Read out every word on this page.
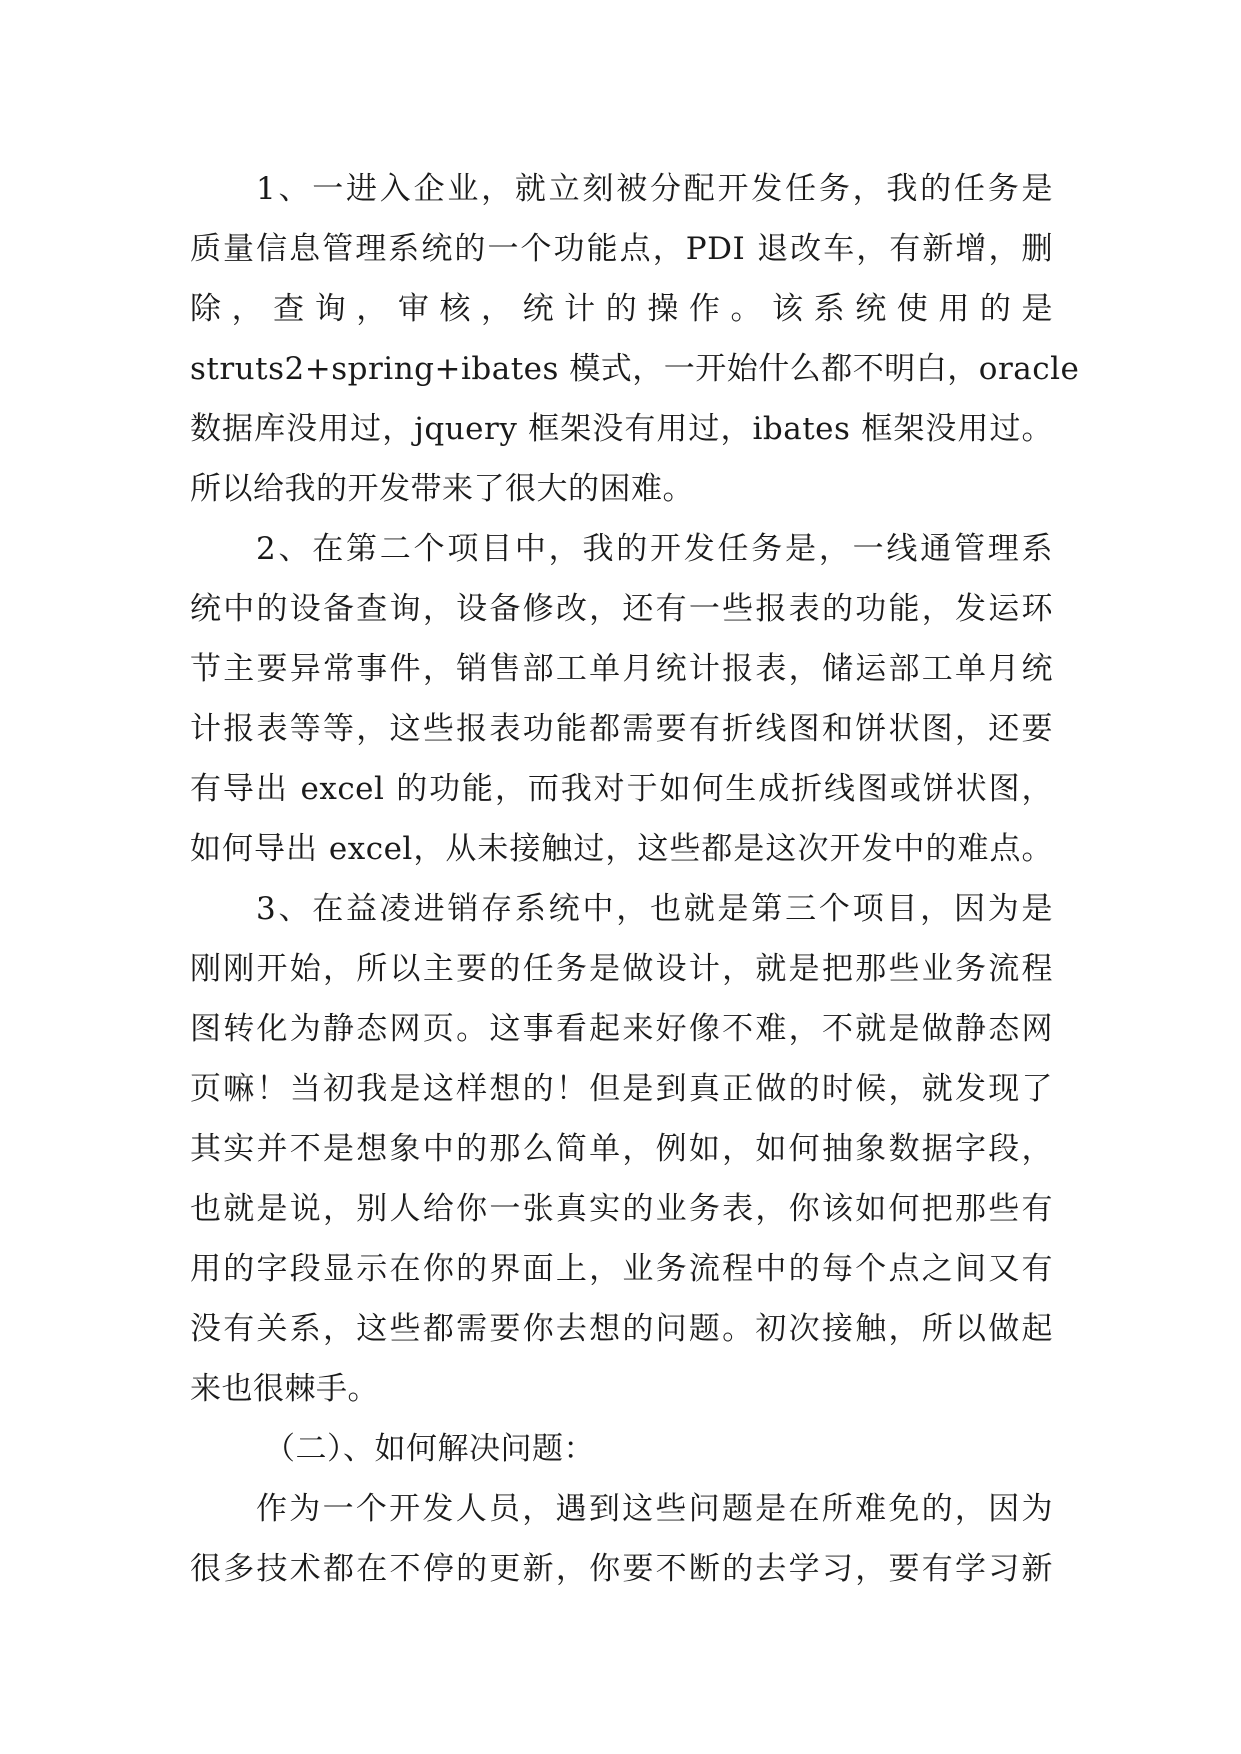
1、一进入企业，就立刻被分配开发任务，我的任务是
质量信息管理系统的一个功能点，PDI 退改车，有新增，删
除，查询，审核，统计的操作。该系统使用的是
struts2+spring+ibates 模式，一开始什么都不明白，oracle
数据库没用过，jquery 框架没有用过，ibates 框架没用过。
所以给我的开发带来了很大的困难。
2、在第二个项目中，我的开发任务是，一线通管理系
统中的设备查询，设备修改，还有一些报表的功能，发运环
节主要异常事件，销售部工单月统计报表，储运部工单月统
计报表等等，这些报表功能都需要有折线图和饼状图，还要
有导出 excel 的功能，而我对于如何生成折线图或饼状图，
如何导出 excel，从未接触过，这些都是这次开发中的难点。
3、在益凌进销存系统中，也就是第三个项目，因为是
刚刚开始，所以主要的任务是做设计，就是把那些业务流程
图转化为静态网页。这事看起来好像不难，不就是做静态网
页嘛！当初我是这样想的！但是到真正做的时候，就发现了
其实并不是想象中的那么简单，例如，如何抽象数据字段，
也就是说，别人给你一张真实的业务表，你该如何把那些有
用的字段显示在你的界面上，业务流程中的每个点之间又有
没有关系，这些都需要你去想的问题。初次接触，所以做起
来也很棘手。
（二）、如何解决问题：
作为一个开发人员，遇到这些问题是在所难免的，因为
很多技术都在不停的更新，你要不断的去学习，要有学习新
